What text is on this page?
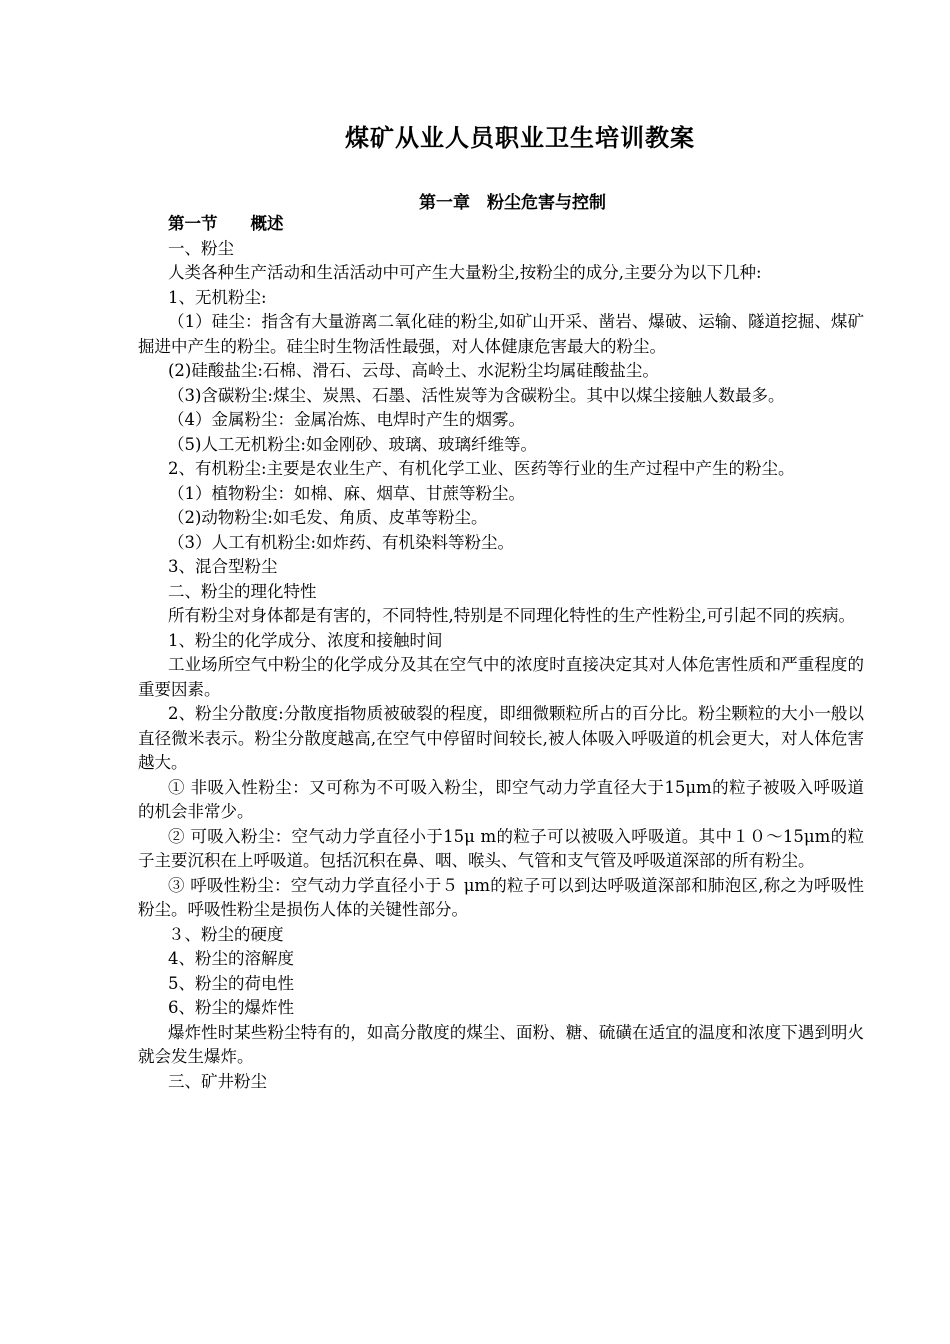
煤矿从业人员职业卫生培训教案
第一章　粉尘危害与控制

第一节　　概述

一、粉尘

人类各种生产活动和生活活动中可产生大量粉尘,按粉尘的成分,主要分为以下几种:

1、无机粉尘:

（1）硅尘：指含有大量游离二氧化硅的粉尘,如矿山开采、凿岩、爆破、运输、隧道挖掘、煤矿掘进中产生的粉尘。硅尘时生物活性最强，对人体健康危害最大的粉尘。

(2)硅酸盐尘:石棉、滑石、云母、高岭土、水泥粉尘均属硅酸盐尘。

（3)含碳粉尘:煤尘、炭黑、石墨、活性炭等为含碳粉尘。其中以煤尘接触人数最多。

（4）金属粉尘：金属冶炼、电焊时产生的烟雾。

（5)人工无机粉尘:如金刚砂、玻璃、玻璃纤维等。

2、有机粉尘:主要是农业生产、有机化学工业、医药等行业的生产过程中产生的粉尘。

（1）植物粉尘：如棉、麻、烟草、甘蔗等粉尘。

（2)动物粉尘:如毛发、角质、皮革等粉尘。

（3）人工有机粉尘:如炸药、有机染料等粉尘。

3、混合型粉尘

二、粉尘的理化特性

所有粉尘对身体都是有害的，不同特性,特别是不同理化特性的生产性粉尘,可引起不同的疾病。

1、粉尘的化学成分、浓度和接触时间

工业场所空气中粉尘的化学成分及其在空气中的浓度时直接决定其对人体危害性质和严重程度的重要因素。

2、粉尘分散度:分散度指物质被破裂的程度，即细微颗粒所占的百分比。粉尘颗粒的大小一般以直径微米表示。粉尘分散度越高,在空气中停留时间较长,被人体吸入呼吸道的机会更大，对人体危害越大。

① 非吸入性粉尘：又可称为不可吸入粉尘，即空气动力学直径大于15μm的粒子被吸入呼吸道的机会非常少。

② 可吸入粉尘：空气动力学直径小于15μ m的粒子可以被吸入呼吸道。其中１０～15μm的粒子主要沉积在上呼吸道。包括沉积在鼻、咽、喉头、气管和支气管及呼吸道深部的所有粉尘。

③ 呼吸性粉尘：空气动力学直径小于５ μm的粒子可以到达呼吸道深部和肺泡区,称之为呼吸性粉尘。呼吸性粉尘是损伤人体的关键性部分。

３、粉尘的硬度

4、粉尘的溶解度

5、粉尘的荷电性

6、粉尘的爆炸性

爆炸性时某些粉尘特有的，如高分散度的煤尘、面粉、糖、硫磺在适宜的温度和浓度下遇到明火就会发生爆炸。

三、矿井粉尘
